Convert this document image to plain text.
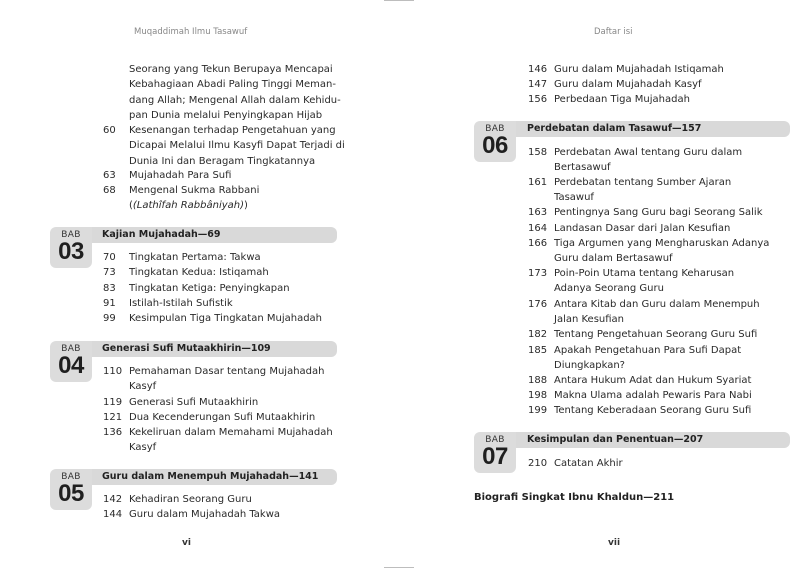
Muqaddimah Ilmu Tasawuf
Seorang yang Tekun Berupaya Mencapai
Kebahagiaan Abadi Paling Tinggi Meman-
dang Allah; Mengenal Allah dalam Kehidu-
pan Dunia melalui Penyingkapan Hijab
60	Kesenangan terhadap Pengetahuan yang
Dicapai Melalui Ilmu Kasyfi Dapat Terjadi di
Dunia Ini dan Beragam Tingkatannya
63	Mujahadah Para Sufi
68	Mengenal Sukma Rabbani
((Lathîfah Rabbâniyah))
Kajian Mujahadah—69
BAB
03	70	Tingkatan Pertama: Takwa
73	Tingkatan Kedua: Istiqamah
83	Tingkatan Ketiga: Penyingkapan
91	Istilah-Istilah Sufistik
99	Kesimpulan Tiga Tingkatan Mujahadah
Generasi Sufi Mutaakhirin—109
BAB
04	110 Pemahaman Dasar tentang Mujahadah
Kasyf
119 Generasi Sufi Mutaakhirin
121 Dua Kecenderungan Sufi Mutaakhirin
136 Kekeliruan dalam Memahami Mujahadah
Kasyf
Guru dalam Menempuh Mujahadah—141
BAB
05	142 Kehadiran Seorang Guru
144 Guru dalam Mujahadah Takwa
vi
Daftar isi
146 Guru dalam Mujahadah Istiqamah
147 Guru dalam Mujahadah Kasyf
156 Perbedaan Tiga Mujahadah
Perdebatan dalam Tasawuf—157
BAB
06	158 Perdebatan Awal tentang Guru dalam
Bertasawuf
161 Perdebatan tentang Sumber Ajaran
Tasawuf
163 Pentingnya Sang Guru bagi Seorang Salik
164 Landasan Dasar dari Jalan Kesufian
166 Tiga Argumen yang Mengharuskan Adanya
Guru dalam Bertasawuf
173 Poin-Poin Utama tentang Keharusan
Adanya Seorang Guru
176 Antara Kitab dan Guru dalam Menempuh
Jalan Kesufian
182 Tentang Pengetahuan Seorang Guru Sufi
185 Apakah Pengetahuan Para Sufi Dapat
Diungkapkan?
188 Antara Hukum Adat dan Hukum Syariat
198 Makna Ulama adalah Pewaris Para Nabi
199 Tentang Keberadaan Seorang Guru Sufi
Kesimpulan dan Penentuan—207
BAB
07	210 Catatan Akhir
Biografi Singkat Ibnu Khaldun—211
vii
